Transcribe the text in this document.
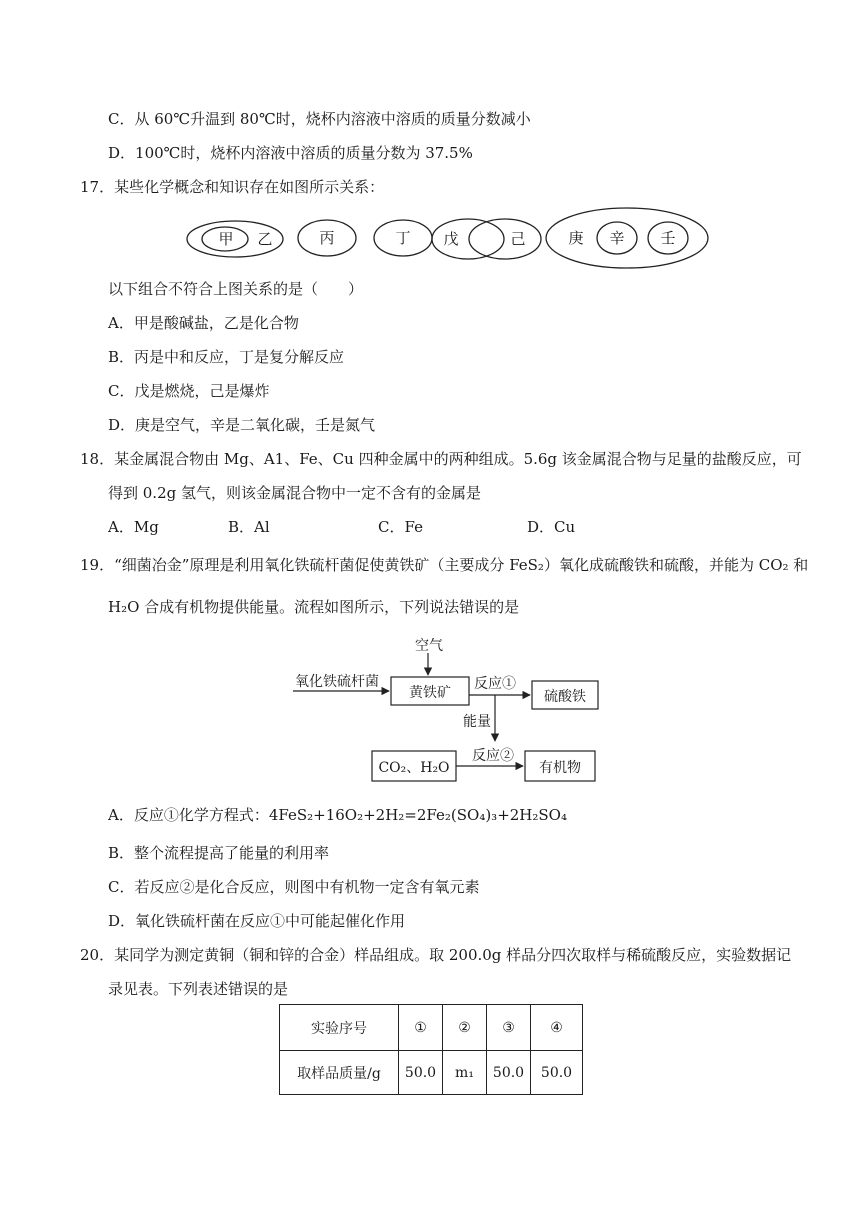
C．从 60℃升温到 80℃时，烧杯内溶液中溶质的质量分数减小
D．100℃时，烧杯内溶液中溶质的质量分数为 37.5%
17．某些化学概念和知识存在如图所示关系：
甲 乙	丙	丁 戊	己	庚 辛 壬
以下组合不符合上图关系的是（　　）
A．甲是酸碱盐，乙是化合物
B．丙是中和反应，丁是复分解反应
C．戊是燃烧，己是爆炸
D．庚是空气，辛是二氧化碳，壬是氮气
18．某金属混合物由 Mg、A1、Fe、Cu 四种金属中的两种组成。5.6g 该金属混合物与足量的盐酸反应，可
得到 0.2g 氢气，则该金属混合物中一定不含有的金属是
A．Mg	B．Al	C．Fe	D．Cu
19．“细菌冶金”原理是利用氧化铁硫杆菌促使黄铁矿（主要成分 FeS₂）氧化成硫酸铁和硫酸，并能为 CO₂ 和
H₂O 合成有机物提供能量。流程如图所示，下列说法错误的是
空气
氧化铁硫杆菌
黄铁矿
反应①
硫酸铁
能量
CO₂、H₂O
反应②
有机物
A．反应①化学方程式：4FeS₂+16O₂+2H₂=2Fe₂(SO₄)₃+2H₂SO₄
B．整个流程提高了能量的利用率
C．若反应②是化合反应，则图中有机物一定含有氧元素
D．氧化铁硫杆菌在反应①中可能起催化作用
20．某同学为测定黄铜（铜和锌的合金）样品组成。取 200.0g 样品分四次取样与稀硫酸反应，实验数据记
录见表。下列表述错误的是
实验序号	①	②	③	④
取样品质量/g	50.0	m₁	50.0	50.0
